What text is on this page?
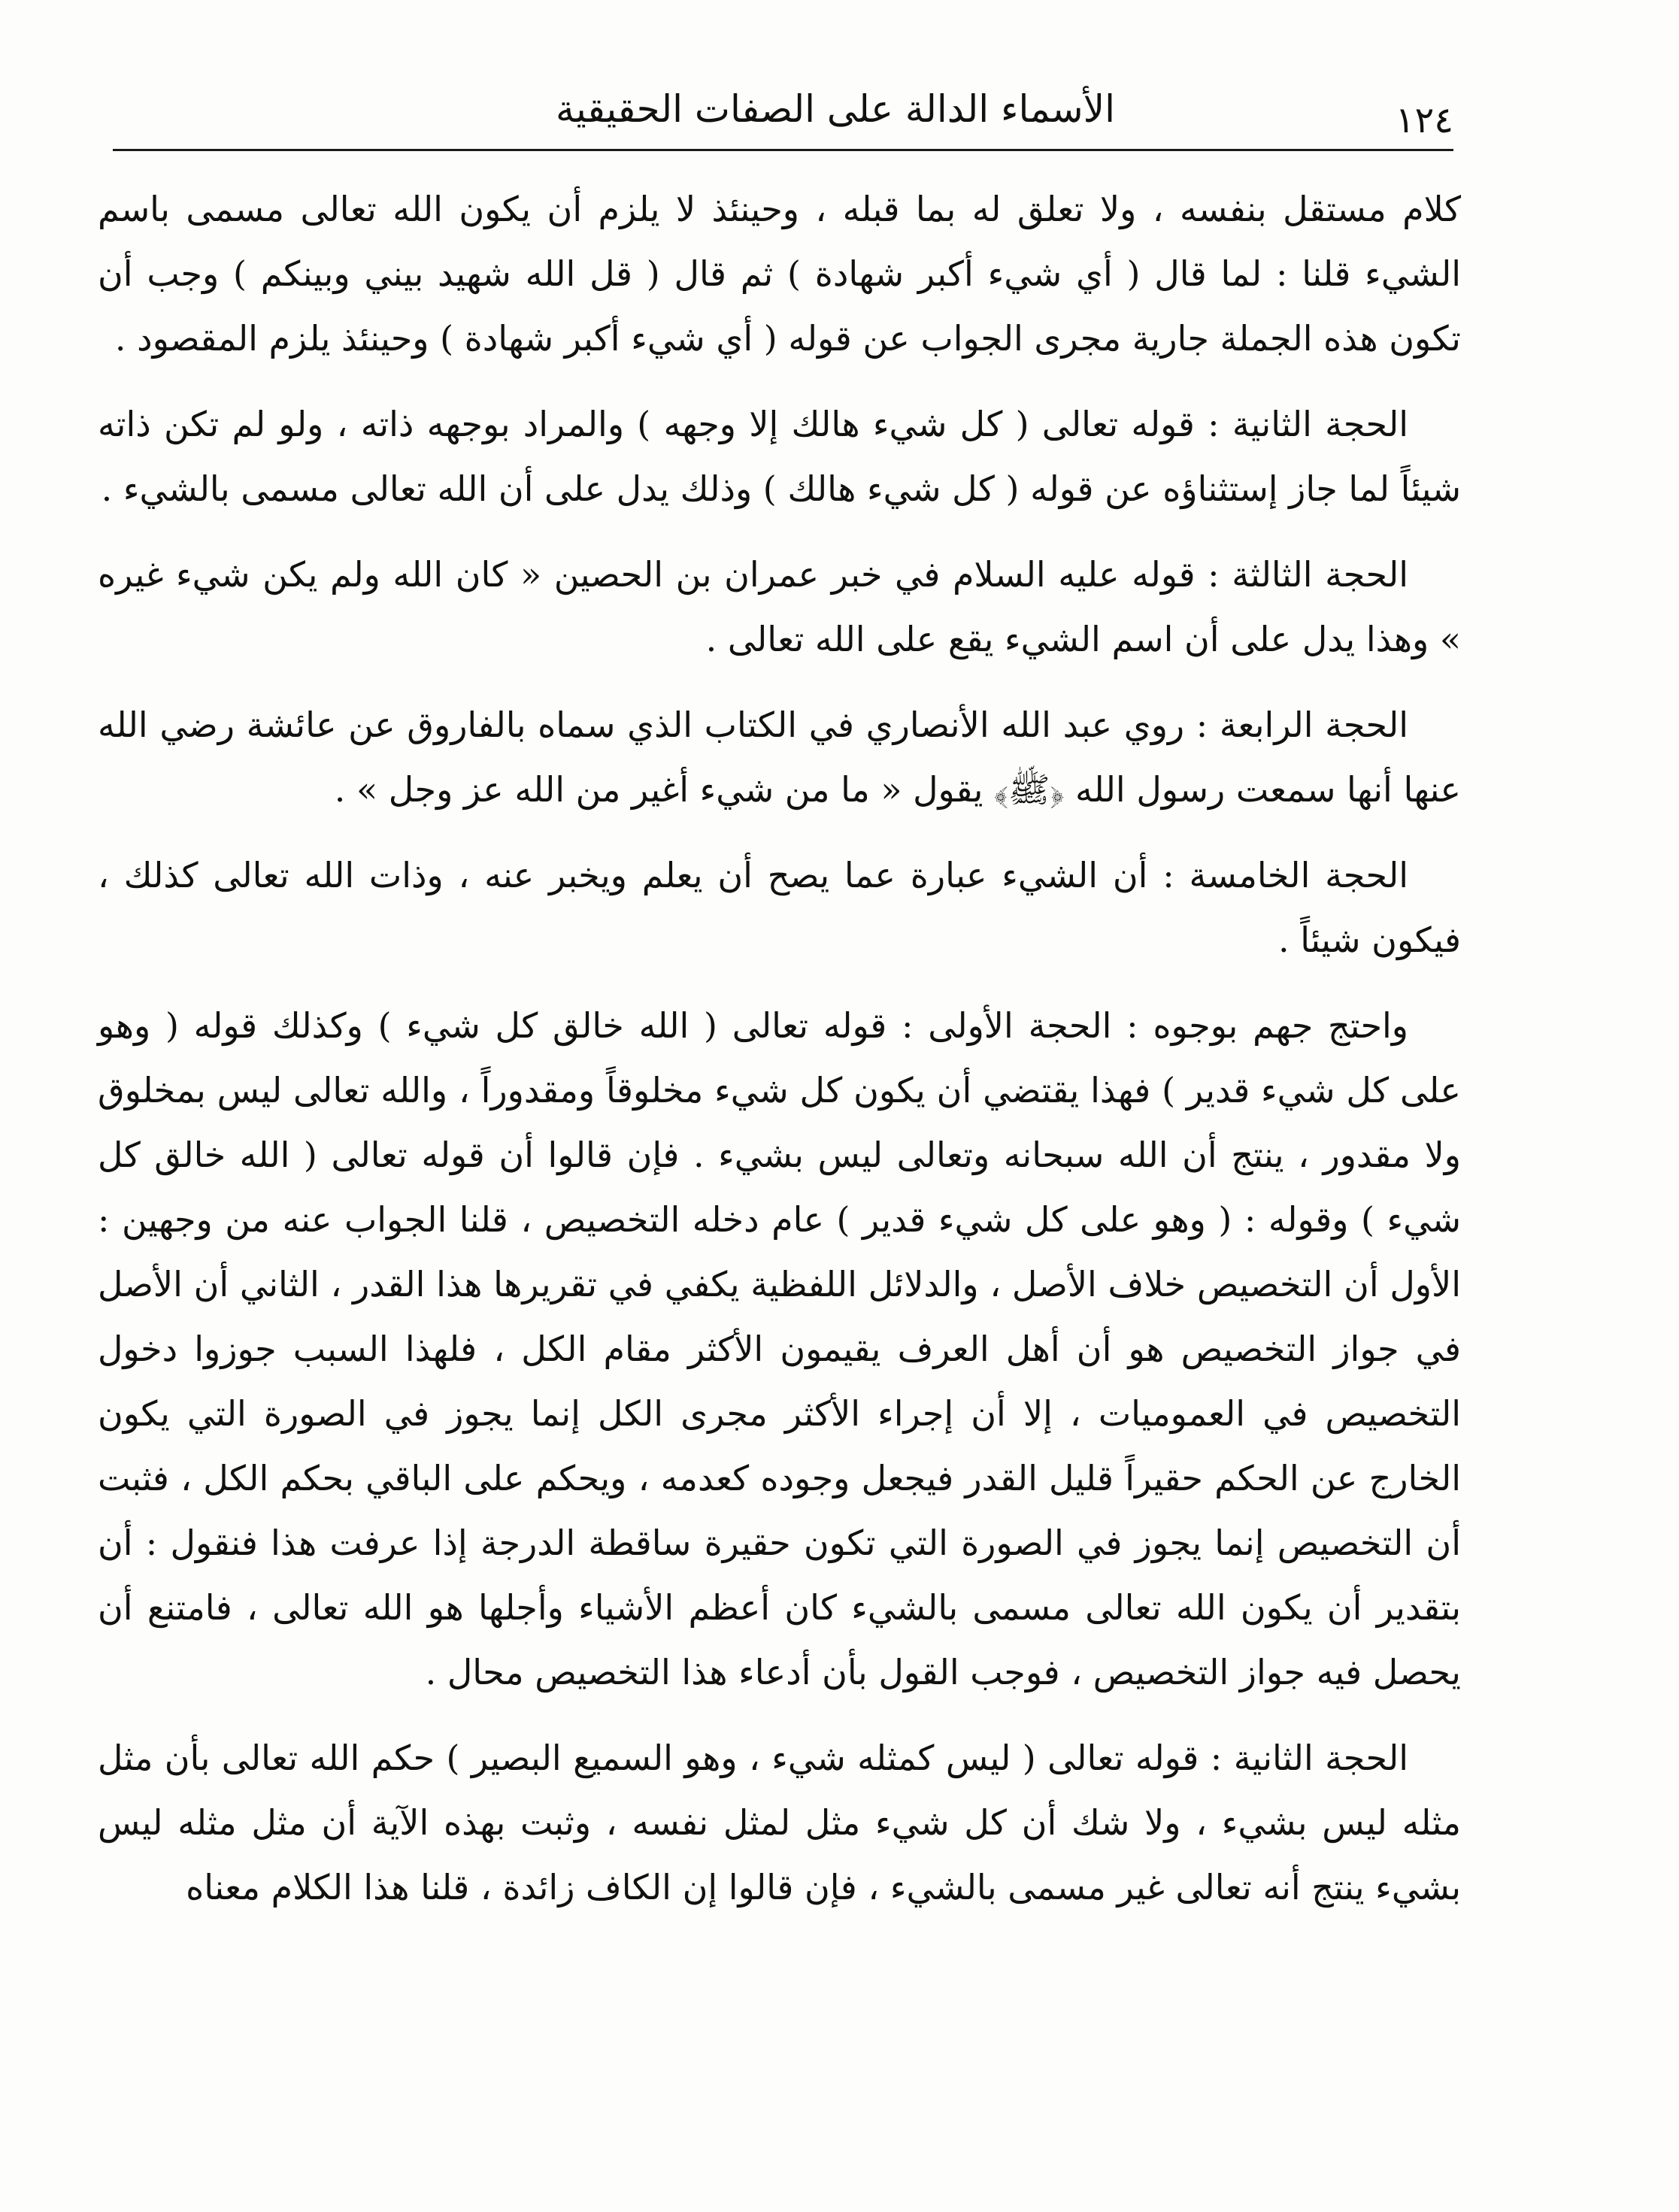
الأسماء الدالة على الصفات الحقيقية	١٢٤

كلام مستقل بنفسه ، ولا تعلق له بما قبله ، وحينئذ لا يلزم أن يكون الله تعالى مسمى باسم الشيء قلنا : لما قال ( أي شيء أكبر شهادة ) ثم قال ( قل الله شهيد بيني وبينكم ) وجب أن تكون هذه الجملة جارية مجرى الجواب عن قوله ( أي شيء أكبر شهادة ) وحينئذ يلزم المقصود .

الحجة الثانية : قوله تعالى ( كل شيء هالك إلا وجهه ) والمراد بوجهه ذاته ، ولو لم تكن ذاته شيئاً لما جاز إستثناؤه عن قوله ( كل شيء هالك ) وذلك يدل على أن الله تعالى مسمى بالشيء .

الحجة الثالثة : قوله عليه السلام في خبر عمران بن الحصين « كان الله ولم يكن شيء غيره » وهذا يدل على أن اسم الشيء يقع على الله تعالى .

الحجة الرابعة : روي عبد الله الأنصاري في الكتاب الذي سماه بالفاروق عن عائشة رضي الله عنها أنها سمعت رسول الله ﴿ﷺ﴾ يقول « ما من شيء أغير من الله عز وجل » .

الحجة الخامسة : أن الشيء عبارة عما يصح أن يعلم ويخبر عنه ، وذات الله تعالى كذلك ، فيكون شيئاً .

واحتج جهم بوجوه : الحجة الأولى : قوله تعالى ( الله خالق كل شيء ) وكذلك قوله ( وهو على كل شيء قدير ) فهذا يقتضي أن يكون كل شيء مخلوقاً ومقدوراً ، والله تعالى ليس بمخلوق ولا مقدور ، ينتج أن الله سبحانه وتعالى ليس بشيء . فإن قالوا أن قوله تعالى ( الله خالق كل شيء ) وقوله : ( وهو على كل شيء قدير ) عام دخله التخصيص ، قلنا الجواب عنه من وجهين : الأول أن التخصيص خلاف الأصل ، والدلائل اللفظية يكفي في تقريرها هذا القدر ، الثاني أن الأصل في جواز التخصيص هو أن أهل العرف يقيمون الأكثر مقام الكل ، فلهذا السبب جوزوا دخول التخصيص في العموميات ، إلا أن إجراء الأكثر مجرى الكل إنما يجوز في الصورة التي يكون الخارج عن الحكم حقيراً قليل القدر فيجعل وجوده كعدمه ، ويحكم على الباقي بحكم الكل ، فثبت أن التخصيص إنما يجوز في الصورة التي تكون حقيرة ساقطة الدرجة إذا عرفت هذا فنقول : أن بتقدير أن يكون الله تعالى مسمى بالشيء كان أعظم الأشياء وأجلها هو الله تعالى ، فامتنع أن يحصل فيه جواز التخصيص ، فوجب القول بأن أدعاء هذا التخصيص محال .

الحجة الثانية : قوله تعالى ( ليس كمثله شيء ، وهو السميع البصير ) حكم الله تعالى بأن مثل مثله ليس بشيء ، ولا شك أن كل شيء مثل لمثل نفسه ، وثبت بهذه الآية أن مثل مثله ليس بشيء ينتج أنه تعالى غير مسمى بالشيء ، فإن قالوا إن الكاف زائدة ، قلنا هذا الكلام معناه
